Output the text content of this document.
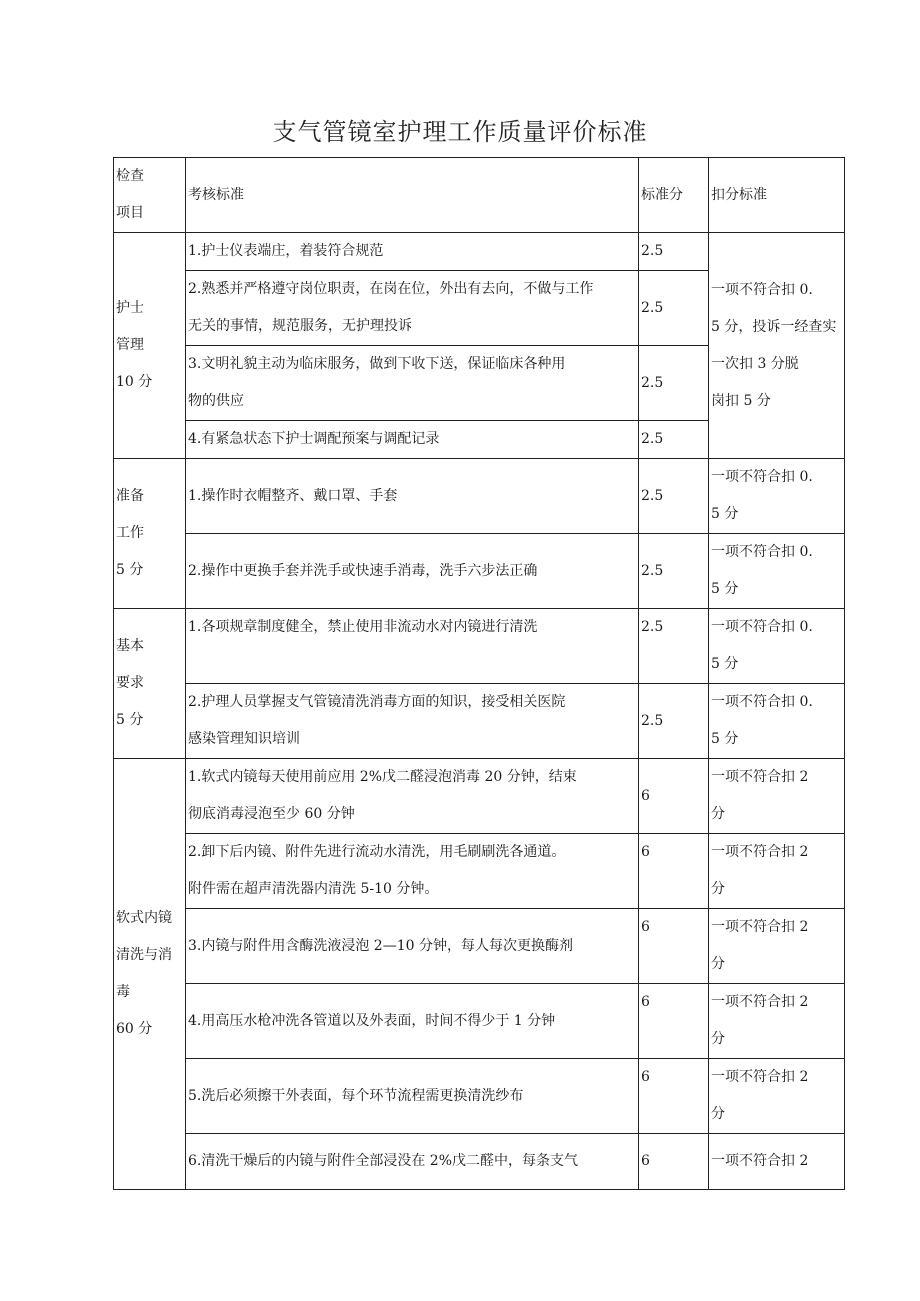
支气管镜室护理工作质量评价标准
检查
项目	考核标准	标准分	扣分标准

护士
管理
10 分	1.护士仪表端庄，着装符合规范	2.5	一项不符合扣 0.
5 分，投诉一经查实
一次扣 3 分脱
岗扣 5 分

	2.熟悉并严格遵守岗位职责，在岗在位，外出有去向，不做与工作
无关的事情，规范服务，无护理投诉	2.5	

	3.文明礼貌主动为临床服务，做到下收下送，保证临床各种用
物的供应	2.5	

	4.有紧急状态下护士调配预案与调配记录	2.5	

准备
工作
5 分	1.操作时衣帽整齐、戴口罩、手套	2.5	一项不符合扣 0.
5 分

	2.操作中更换手套并洗手或快速手消毒，洗手六步法正确	2.5	一项不符合扣 0.
5 分

基本
要求
5 分	1.各项规章制度健全，禁止使用非流动水对内镜进行清洗	2.5	一项不符合扣 0.
5 分

	2.护理人员掌握支气管镜清洗消毒方面的知识，接受相关医院
感染管理知识培训	2.5	一项不符合扣 0.
5 分

软式内镜
清洗与消
毒
60 分	1.软式内镜每天使用前应用 2%戊二醛浸泡消毒 20 分钟，结束
彻底消毒浸泡至少 60 分钟	6	一项不符合扣 2
分

	2.卸下后内镜、附件先进行流动水清洗，用毛刷刷洗各通道。
附件需在超声清洗器内清洗 5-10 分钟。	6	一项不符合扣 2
分

	3.内镜与附件用含酶洗液浸泡 2—10 分钟，每人每次更换酶剂	6	一项不符合扣 2
分

	4.用高压水枪冲洗各管道以及外表面，时间不得少于 1 分钟	6	一项不符合扣 2
分

	5.洗后必须擦干外表面，每个环节流程需更换清洗纱布	6	一项不符合扣 2
分

	6.清洗干燥后的内镜与附件全部浸没在 2%戊二醛中，每条支气	6	一项不符合扣 2
